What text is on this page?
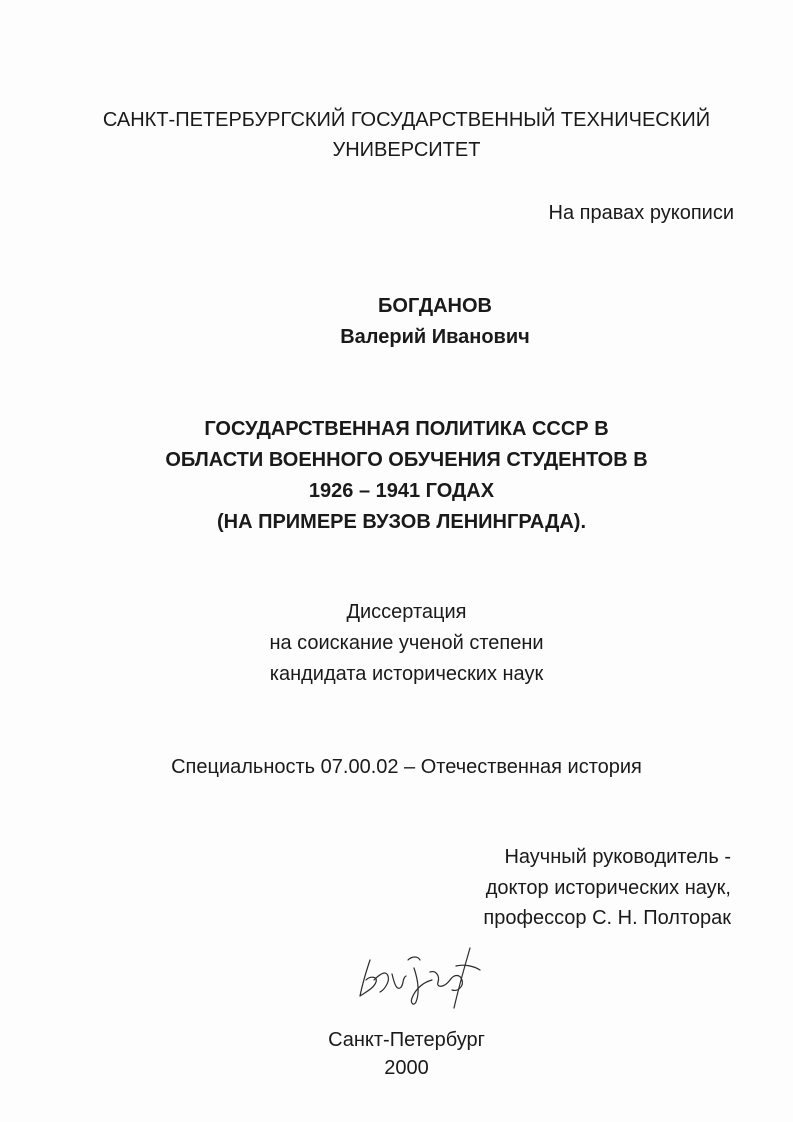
САНКТ-ПЕТЕРБУРГСКИЙ ГОСУДАРСТВЕННЫЙ ТЕХНИЧЕСКИЙ
УНИВЕРСИТЕТ
На правах рукописи
БОГДАНОВ
Валерий Иванович
ГОСУДАРСТВЕННАЯ ПОЛИТИКА СССР В
ОБЛАСТИ ВОЕННОГО ОБУЧЕНИЯ СТУДЕНТОВ В
1926 – 1941 ГОДАХ
(НА ПРИМЕРЕ ВУЗОВ ЛЕНИНГРАДА).
Диссертация
на соискание ученой степени
кандидата исторических наук
Специальность 07.00.02 – Отечественная история
Научный руководитель -
доктор исторических наук,
профессор С. Н. Полторак
Санкт-Петербург
2000
